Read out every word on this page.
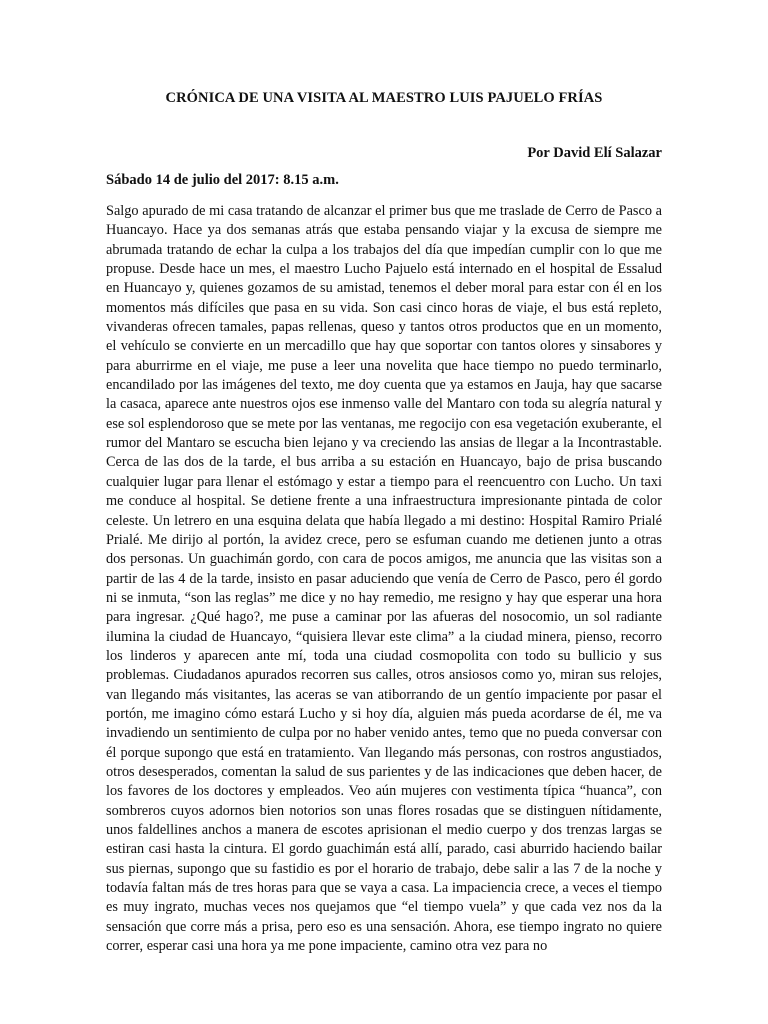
CRÓNICA DE UNA VISITA AL MAESTRO LUIS PAJUELO FRÍAS
Por David Elí Salazar
Sábado 14 de julio del 2017: 8.15 a.m.

Salgo apurado de mi casa tratando de alcanzar el primer bus que me traslade de Cerro de Pasco a Huancayo. Hace ya dos semanas atrás que estaba pensando viajar y la excusa de siempre me abrumada tratando de echar la culpa a los trabajos del día que impedían cumplir con lo que me propuse. Desde hace un mes, el maestro Lucho Pajuelo está internado en el hospital de Essalud en Huancayo y, quienes gozamos de su amistad, tenemos el deber moral para estar con él en los momentos más difíciles que pasa en su vida. Son casi cinco horas de viaje, el bus está repleto, vivanderas ofrecen tamales, papas rellenas, queso y tantos otros productos que en un momento, el vehículo se convierte en un mercadillo que hay que soportar con tantos olores y sinsabores y para aburrirme en el viaje, me puse a leer una novelita que hace tiempo no puedo terminarlo, encandilado por las imágenes del texto, me doy cuenta que ya estamos en Jauja, hay que sacarse la casaca, aparece ante nuestros ojos ese inmenso valle del Mantaro con toda su alegría natural y ese sol esplendoroso que se mete por las ventanas, me regocijo con esa vegetación exuberante, el rumor del Mantaro se escucha bien lejano y va creciendo las ansias de llegar a la Incontrastable. Cerca de las dos de la tarde, el bus arriba a su estación en Huancayo, bajo de prisa buscando cualquier lugar para llenar el estómago y estar a tiempo para el reencuentro con Lucho. Un taxi me conduce al hospital. Se detiene frente a una infraestructura impresionante pintada de color celeste. Un letrero en una esquina delata que había llegado a mi destino: Hospital Ramiro Prialé Prialé. Me dirijo al portón, la avidez crece, pero se esfuman cuando me detienen junto a otras dos personas. Un guachimán gordo, con cara de pocos amigos, me anuncia que las visitas son a partir de las 4 de la tarde, insisto en pasar aduciendo que venía de Cerro de Pasco, pero él gordo ni se inmuta, “son las reglas” me dice y no hay remedio, me resigno y hay que esperar una hora para ingresar. ¿Qué hago?, me puse a caminar por las afueras del nosocomio, un sol radiante ilumina la ciudad de Huancayo, “quisiera llevar este clima” a la ciudad minera, pienso, recorro los linderos y aparecen ante mí, toda una ciudad cosmopolita con todo su bullicio y sus problemas. Ciudadanos apurados recorren sus calles, otros ansiosos como yo, miran sus relojes, van llegando más visitantes, las aceras se van atiborrando de un gentío impaciente por pasar el portón, me imagino cómo estará Lucho y si hoy día, alguien más pueda acordarse de él, me va invadiendo un sentimiento de culpa por no haber venido antes, temo que no pueda conversar con él porque supongo que está en tratamiento. Van llegando más personas, con rostros angustiados, otros desesperados, comentan la salud de sus parientes y de las indicaciones que deben hacer, de los favores de los doctores y empleados. Veo aún mujeres con vestimenta típica “huanca”, con sombreros cuyos adornos bien notorios son unas flores rosadas que se distinguen nítidamente, unos faldellines anchos a manera de escotes aprisionan el medio cuerpo y dos trenzas largas se estiran casi hasta la cintura. El gordo guachimán está allí, parado, casi aburrido haciendo bailar sus piernas, supongo que su fastidio es por el horario de trabajo, debe salir a las 7 de la noche y todavía faltan más de tres horas para que se vaya a casa. La impaciencia crece, a veces el tiempo es muy ingrato, muchas veces nos quejamos que “el tiempo vuela” y que cada vez nos da la sensación que corre más a prisa, pero eso es una sensación. Ahora, ese tiempo ingrato no quiere correr, esperar casi una hora ya me pone impaciente, camino otra vez para no
